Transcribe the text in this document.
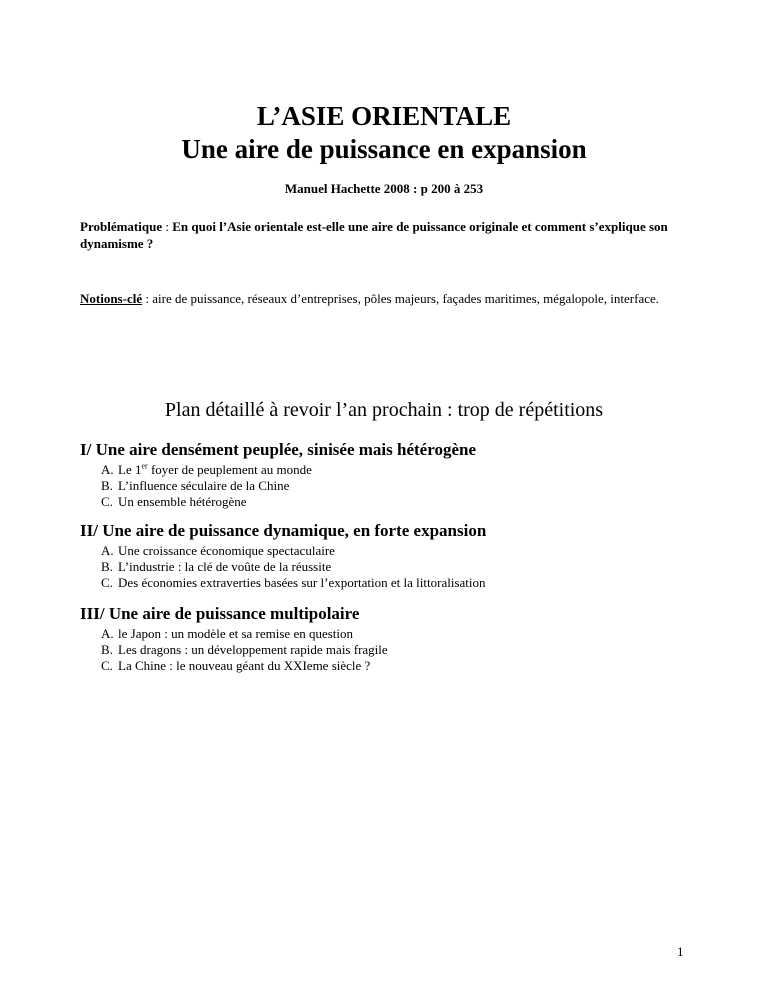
L’ASIE ORIENTALE
Une aire de puissance en expansion
Manuel Hachette 2008 : p 200 à 253
Problématique : En quoi l’Asie orientale est-elle une aire de puissance originale et comment s’explique son dynamisme ?
Notions-clé : aire de puissance, réseaux d’entreprises, pôles majeurs, façades maritimes, mégalopole, interface.
Plan détaillé à revoir l’an prochain : trop de répétitions
I/ Une aire densément peuplée, sinisée mais hétérogène
A. Le 1er foyer de peuplement au monde
B. L’influence séculaire de la Chine
C. Un ensemble hétérogène
II/ Une aire de puissance dynamique, en forte expansion
A. Une croissance économique spectaculaire
B. L’industrie : la clé de voûte de la réussite
C. Des économies extraverties basées sur l’exportation et la littoralisation
III/ Une aire de puissance multipolaire
A. le Japon : un modèle et sa remise en question
B. Les dragons : un développement rapide mais fragile
C. La Chine : le nouveau géant du XXIeme siècle ?
1
